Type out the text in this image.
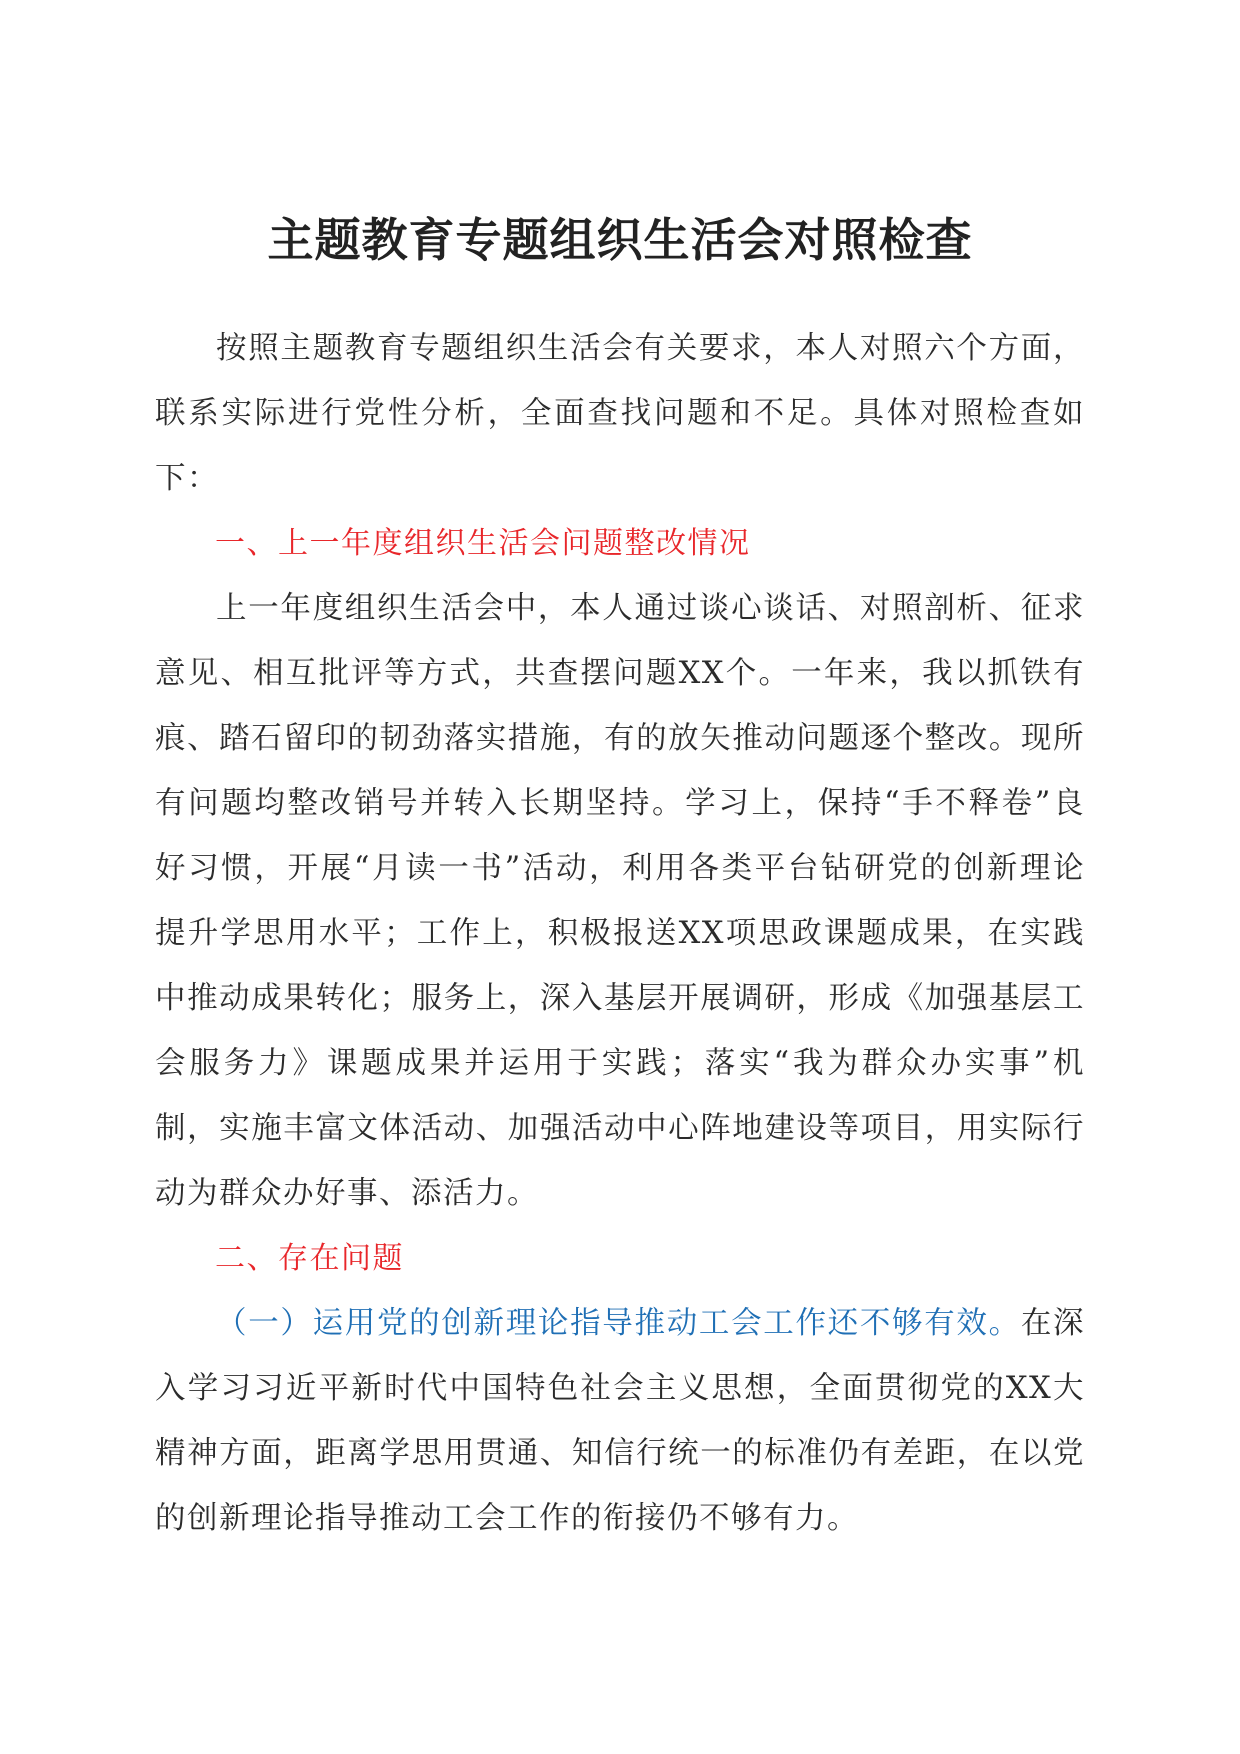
主题教育专题组织生活会对照检查

按照主题教育专题组织生活会有关要求，本人对照六个方面，联系实际进行党性分析，全面查找问题和不足。具体对照检查如下：

一、上一年度组织生活会问题整改情况

上一年度组织生活会中，本人通过谈心谈话、对照剖析、征求意见、相互批评等方式，共查摆问题XX个。一年来，我以抓铁有痕、踏石留印的韧劲落实措施，有的放矢推动问题逐个整改。现所有问题均整改销号并转入长期坚持。学习上，保持“手不释卷”良好习惯，开展“月读一书”活动，利用各类平台钻研党的创新理论提升学思用水平；工作上，积极报送XX项思政课题成果，在实践中推动成果转化；服务上，深入基层开展调研，形成《加强基层工会服务力》课题成果并运用于实践；落实“我为群众办实事”机制，实施丰富文体活动、加强活动中心阵地建设等项目，用实际行动为群众办好事、添活力。

二、存在问题

（一）运用党的创新理论指导推动工会工作还不够有效。在深入学习习近平新时代中国特色社会主义思想，全面贯彻党的XX大精神方面，距离学思用贯通、知信行统一的标准仍有差距，在以党的创新理论指导推动工会工作的衔接仍不够有力。
